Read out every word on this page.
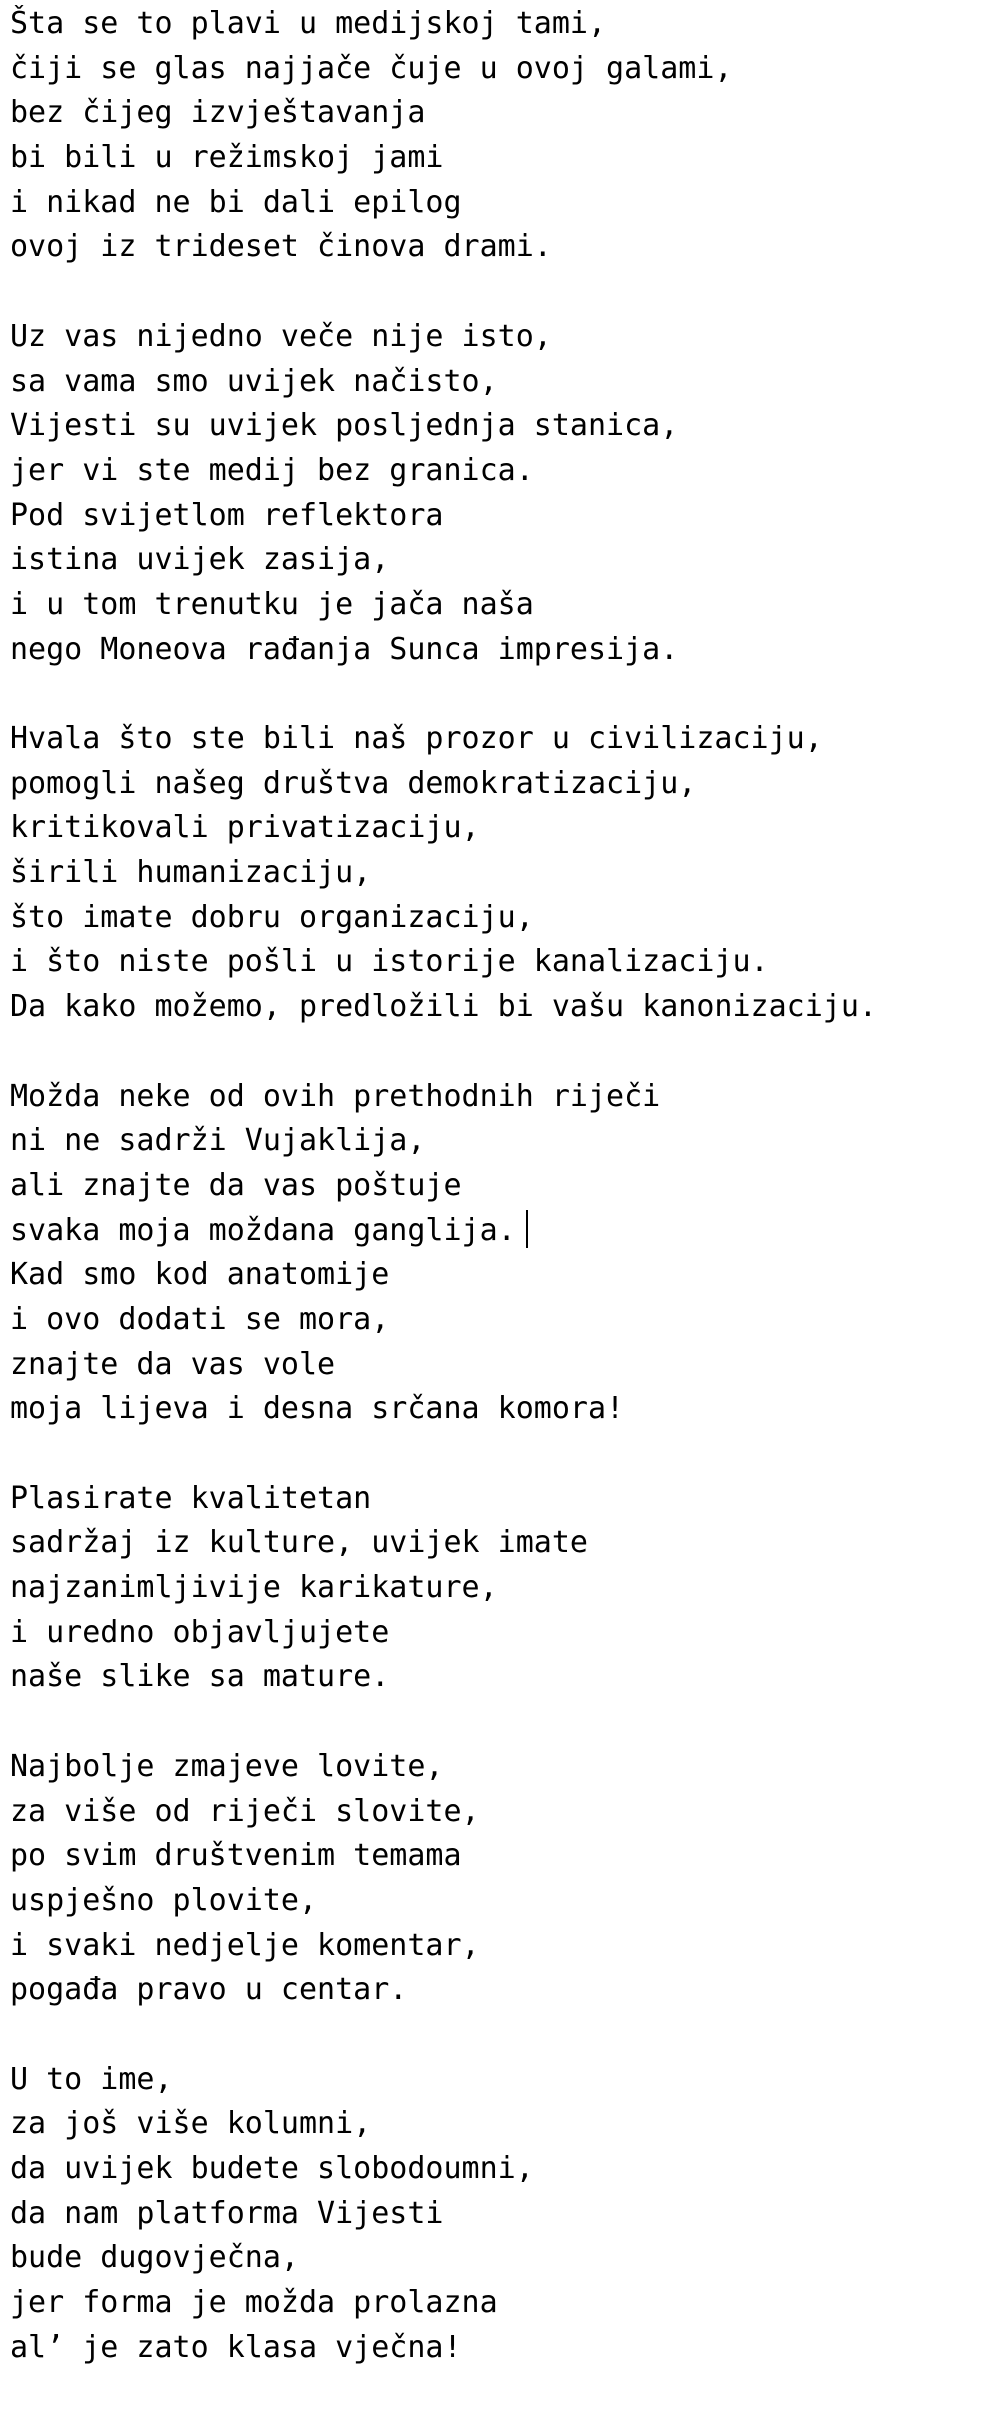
Šta se to plavi u medijskoj tami,
čiji se glas najjače čuje u ovoj galami,
bez čijeg izvještavanja
bi bili u režimskoj jami
i nikad ne bi dali epilog
ovoj iz trideset činova drami.
Uz vas nijedno veče nije isto,
sa vama smo uvijek načisto,
Vijesti su uvijek posljednja stanica,
jer vi ste medij bez granica.
Pod svijetlom reflektora
istina uvijek zasija,
i u tom trenutku je jača naša
nego Moneova rađanja Sunca impresija.
Hvala što ste bili naš prozor u civilizaciju,
pomogli našeg društva demokratizaciju,
kritikovali privatizaciju,
širili humanizaciju,
što imate dobru organizaciju,
i što niste pošli u istorije kanalizaciju.
Da kako možemo, predložili bi vašu kanonizaciju.
Možda neke od ovih prethodnih riječi
ni ne sadrži Vujaklija,
ali znajte da vas poštuje
svaka moja moždana ganglija.
Kad smo kod anatomije
i ovo dodati se mora,
znajte da vas vole
moja lijeva i desna srčana komora!
Plasirate kvalitetan
sadržaj iz kulture, uvijek imate
najzanimljivije karikature,
i uredno objavljujete
naše slike sa mature.
Najbolje zmajeve lovite,
za više od riječi slovite,
po svim društvenim temama
uspješno plovite,
i svaki nedjelje komentar,
pogađa pravo u centar.
U to ime,
za još više kolumni,
da uvijek budete slobodoumni,
da nam platforma Vijesti
bude dugovječna,
jer forma je možda prolazna
al’ je zato klasa vječna!
